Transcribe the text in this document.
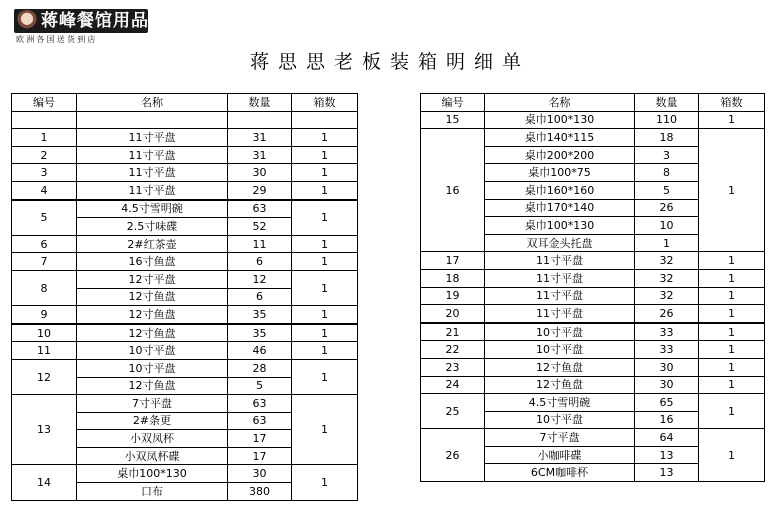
蒋峰餐馆用品
欧洲各国送货到店
蒋思思老板装箱明细单
编号	名称	数量	箱数

1	11寸平盘	31	1
2	11寸平盘	31	1
3	11寸平盘	30	1
4	11寸平盘	29	1
5	4.5寸雪明碗	63	1
	2.5寸味碟	52	
6	2#红茶壶	11	1
7	16寸鱼盘	6	1
8	12寸平盘	12	1
	12寸鱼盘	6	
9	12寸鱼盘	35	1
10	12寸鱼盘	35	1
11	10寸平盘	46	1
12	10寸平盘	28	1
	12寸鱼盘	5	
13	7寸平盘	63	1
	2#条更	63	
	小双凤杯	17	
	小双凤杯碟	17	
14	桌巾100*130	30	1
	口布	380	
编号	名称	数量	箱数
15	桌巾100*130	110	1
16	桌巾140*115	18	1
	桌巾200*200	3	
	桌巾100*75	8	
	桌巾160*160	5	
	桌巾170*140	26	
	桌巾100*130	10	
	双耳金头托盘	1	
17	11寸平盘	32	1
18	11寸平盘	32	1
19	11寸平盘	32	1
20	11寸平盘	26	1
21	10寸平盘	33	1
22	10寸平盘	33	1
23	12寸鱼盘	30	1
24	12寸鱼盘	30	1
25	4.5寸雪明碗	65	1
	10寸平盘	16	
26	7寸平盘	64	1
	小咖啡碟	13	
	6CM咖啡杯	13	
